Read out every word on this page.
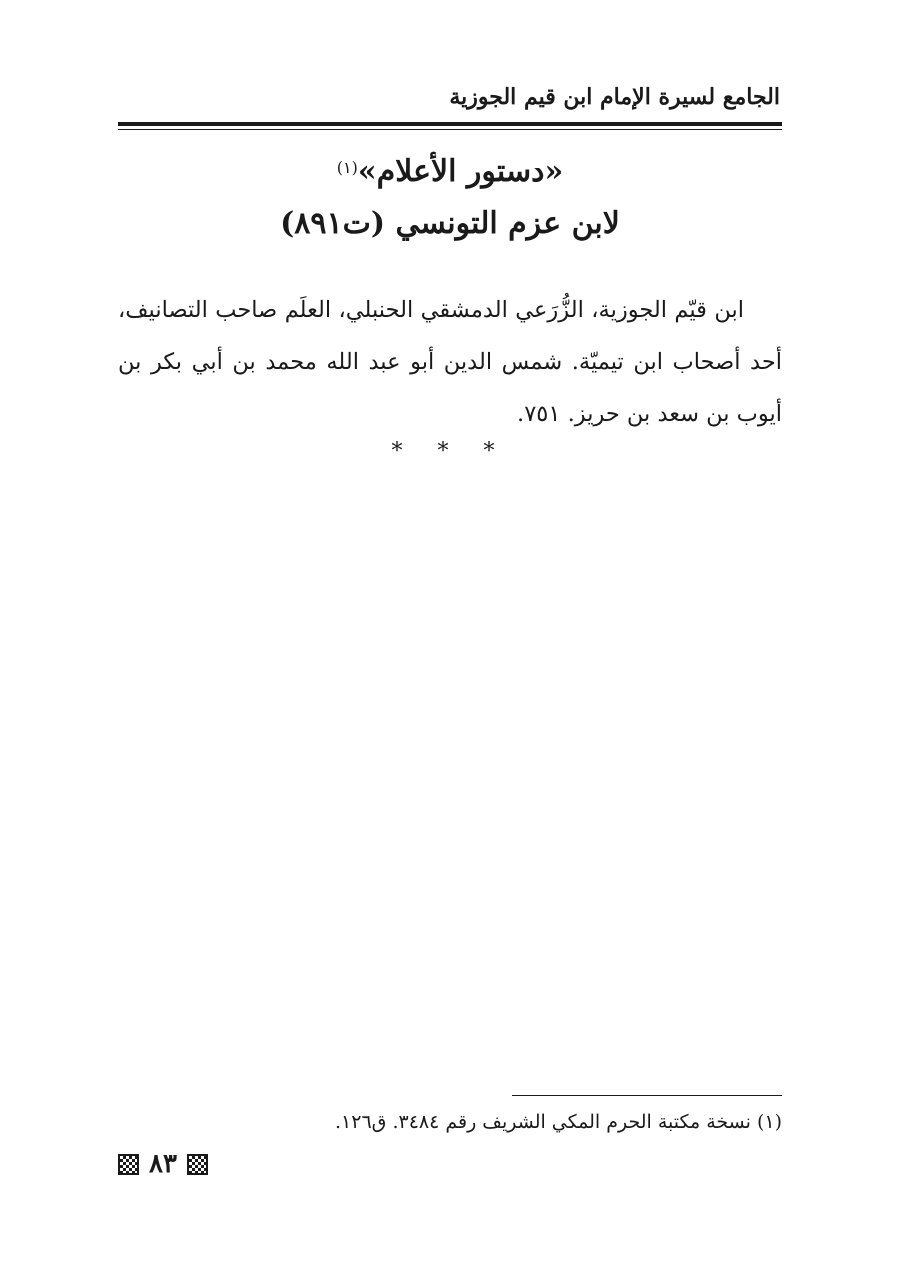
الجامع لسيرة الإمام ابن قيم الجوزية
«دستور الأعلام»$^{(١)}$
لابن عزم التونسي (ت٨٩١)
ابن قيّم الجوزية، الزُّرَعي الدمشقي الحنبلي، العلَم صاحب التصانيف،
أحد أصحاب ابن تيميّة. شمس الدين أبو عبد الله محمد بن أبي بكر بن
أيوب بن سعد بن حريز. ٧٥١.
* * *
(١) نسخة مكتبة الحرم المكي الشريف رقم ٣٤٨٤. ق١٢٦.
٨٣
